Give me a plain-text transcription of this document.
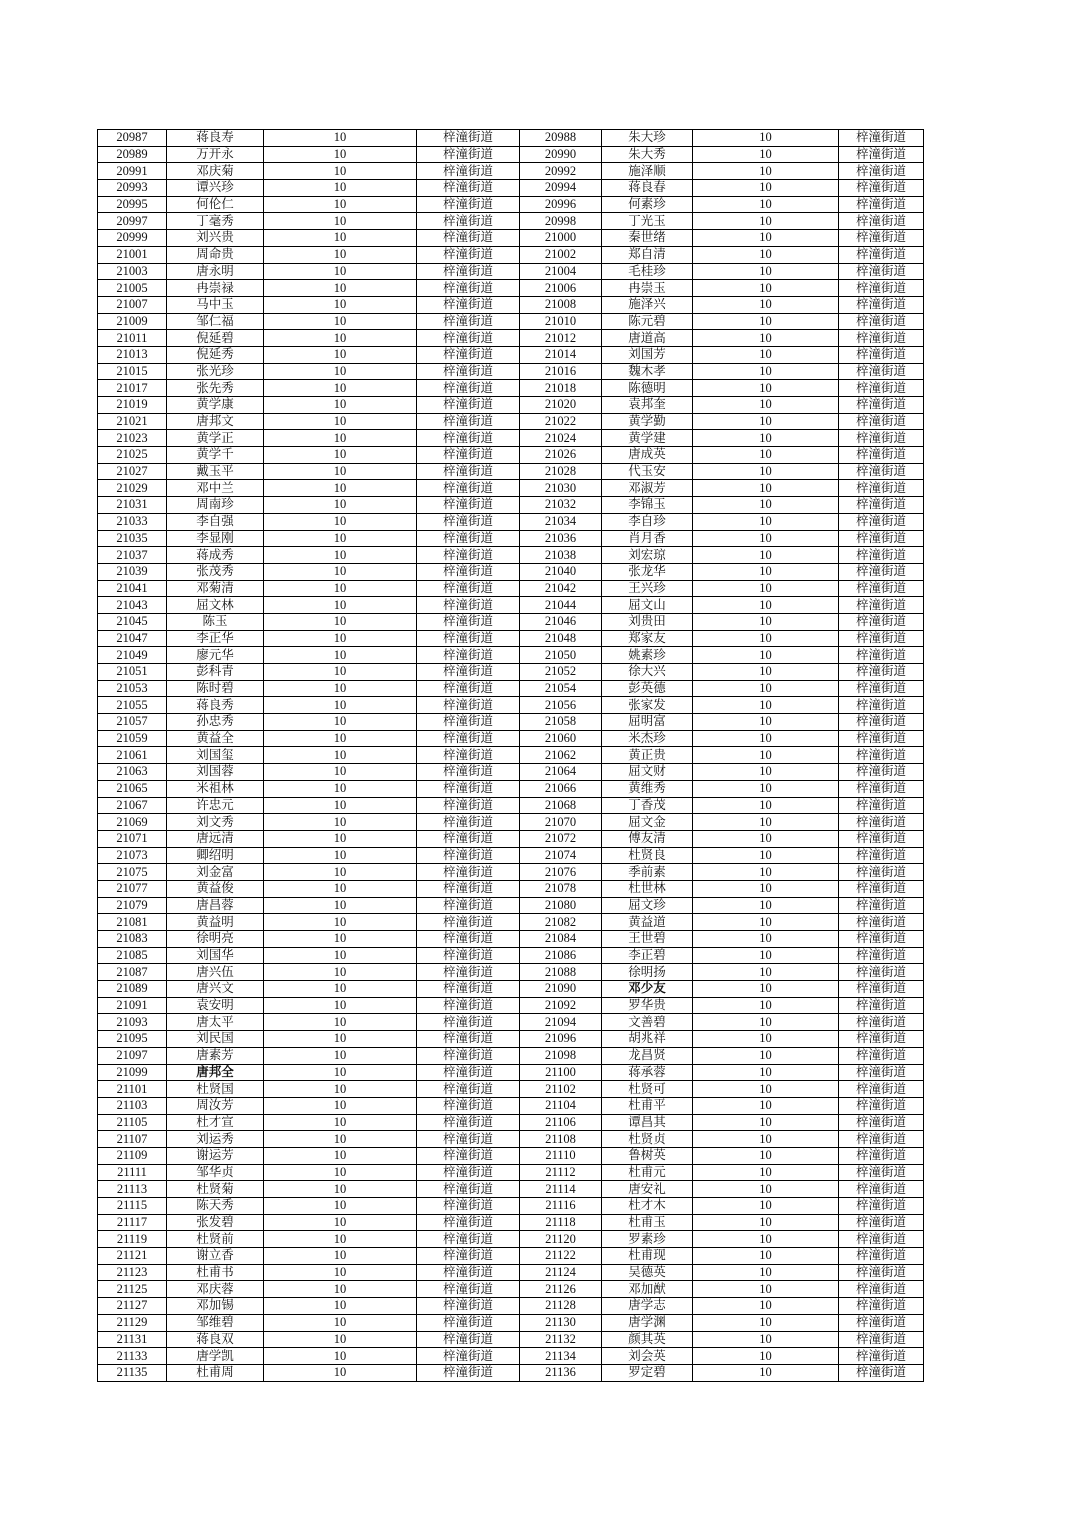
20987	蒋良寿	10	梓潼街道	20988	朱大珍	10	梓潼街道
20989	万开永	10	梓潼街道	20990	朱大秀	10	梓潼街道
20991	邓庆菊	10	梓潼街道	20992	施泽顺	10	梓潼街道
20993	谭兴珍	10	梓潼街道	20994	蒋良春	10	梓潼街道
20995	何伦仁	10	梓潼街道	20996	何素珍	10	梓潼街道
20997	丁毫秀	10	梓潼街道	20998	丁光玉	10	梓潼街道
20999	刘兴贵	10	梓潼街道	21000	秦世绪	10	梓潼街道
21001	周命贵	10	梓潼街道	21002	郑自清	10	梓潼街道
21003	唐永明	10	梓潼街道	21004	毛桂珍	10	梓潼街道
21005	冉崇禄	10	梓潼街道	21006	冉崇玉	10	梓潼街道
21007	马中玉	10	梓潼街道	21008	施泽兴	10	梓潼街道
21009	邹仁福	10	梓潼街道	21010	陈元碧	10	梓潼街道
21011	倪延碧	10	梓潼街道	21012	唐道高	10	梓潼街道
21013	倪延秀	10	梓潼街道	21014	刘国芳	10	梓潼街道
21015	张光珍	10	梓潼街道	21016	魏木孝	10	梓潼街道
21017	张先秀	10	梓潼街道	21018	陈德明	10	梓潼街道
21019	黄学康	10	梓潼街道	21020	袁邦奎	10	梓潼街道
21021	唐邦文	10	梓潼街道	21022	黄学勤	10	梓潼街道
21023	黄学正	10	梓潼街道	21024	黄学建	10	梓潼街道
21025	黄学千	10	梓潼街道	21026	唐成英	10	梓潼街道
21027	戴玉平	10	梓潼街道	21028	代玉安	10	梓潼街道
21029	邓中兰	10	梓潼街道	21030	邓淑芳	10	梓潼街道
21031	周南珍	10	梓潼街道	21032	李锦玉	10	梓潼街道
21033	李自强	10	梓潼街道	21034	李自珍	10	梓潼街道
21035	李显刚	10	梓潼街道	21036	肖月香	10	梓潼街道
21037	蒋成秀	10	梓潼街道	21038	刘宏琼	10	梓潼街道
21039	张茂秀	10	梓潼街道	21040	张龙华	10	梓潼街道
21041	邓菊清	10	梓潼街道	21042	王兴珍	10	梓潼街道
21043	屈文林	10	梓潼街道	21044	屈文山	10	梓潼街道
21045	陈玉	10	梓潼街道	21046	刘贵田	10	梓潼街道
21047	李正华	10	梓潼街道	21048	郑家友	10	梓潼街道
21049	廖元华	10	梓潼街道	21050	姚素珍	10	梓潼街道
21051	彭科青	10	梓潼街道	21052	徐大兴	10	梓潼街道
21053	陈时碧	10	梓潼街道	21054	彭英德	10	梓潼街道
21055	蒋良秀	10	梓潼街道	21056	张家发	10	梓潼街道
21057	孙忠秀	10	梓潼街道	21058	屈明富	10	梓潼街道
21059	黄益全	10	梓潼街道	21060	米杰珍	10	梓潼街道
21061	刘国玺	10	梓潼街道	21062	黄正贵	10	梓潼街道
21063	刘国蓉	10	梓潼街道	21064	屈文财	10	梓潼街道
21065	米祖林	10	梓潼街道	21066	黄维秀	10	梓潼街道
21067	许忠元	10	梓潼街道	21068	丁香茂	10	梓潼街道
21069	刘文秀	10	梓潼街道	21070	屈文金	10	梓潼街道
21071	唐远清	10	梓潼街道	21072	傅友清	10	梓潼街道
21073	卿绍明	10	梓潼街道	21074	杜贤良	10	梓潼街道
21075	刘金富	10	梓潼街道	21076	季前素	10	梓潼街道
21077	黄益俊	10	梓潼街道	21078	杜世林	10	梓潼街道
21079	唐昌蓉	10	梓潼街道	21080	屈文珍	10	梓潼街道
21081	黄益明	10	梓潼街道	21082	黄益道	10	梓潼街道
21083	徐明亮	10	梓潼街道	21084	王世碧	10	梓潼街道
21085	刘国华	10	梓潼街道	21086	李正碧	10	梓潼街道
21087	唐兴伍	10	梓潼街道	21088	徐明扬	10	梓潼街道
21089	唐兴文	10	梓潼街道	21090	邓少友	10	梓潼街道
21091	袁安明	10	梓潼街道	21092	罗华贵	10	梓潼街道
21093	唐太平	10	梓潼街道	21094	文善碧	10	梓潼街道
21095	刘民国	10	梓潼街道	21096	胡兆祥	10	梓潼街道
21097	唐素芳	10	梓潼街道	21098	龙昌贤	10	梓潼街道
21099	唐邦全	10	梓潼街道	21100	蒋承蓉	10	梓潼街道
21101	杜贤国	10	梓潼街道	21102	杜贤可	10	梓潼街道
21103	周汝芳	10	梓潼街道	21104	杜甫平	10	梓潼街道
21105	杜才宣	10	梓潼街道	21106	谭昌其	10	梓潼街道
21107	刘运秀	10	梓潼街道	21108	杜贤贞	10	梓潼街道
21109	谢运芳	10	梓潼街道	21110	鲁树英	10	梓潼街道
21111	邹华贞	10	梓潼街道	21112	杜甫元	10	梓潼街道
21113	杜贤菊	10	梓潼街道	21114	唐安礼	10	梓潼街道
21115	陈天秀	10	梓潼街道	21116	杜才木	10	梓潼街道
21117	张发碧	10	梓潼街道	21118	杜甫玉	10	梓潼街道
21119	杜贤前	10	梓潼街道	21120	罗素珍	10	梓潼街道
21121	谢立香	10	梓潼街道	21122	杜甫现	10	梓潼街道
21123	杜甫书	10	梓潼街道	21124	吴德英	10	梓潼街道
21125	邓庆蓉	10	梓潼街道	21126	邓加猷	10	梓潼街道
21127	邓加锡	10	梓潼街道	21128	唐学志	10	梓潼街道
21129	邹维碧	10	梓潼街道	21130	唐学渊	10	梓潼街道
21131	蒋良双	10	梓潼街道	21132	颜其英	10	梓潼街道
21133	唐学凯	10	梓潼街道	21134	刘会英	10	梓潼街道
21135	杜甫周	10	梓潼街道	21136	罗定碧	10	梓潼街道
